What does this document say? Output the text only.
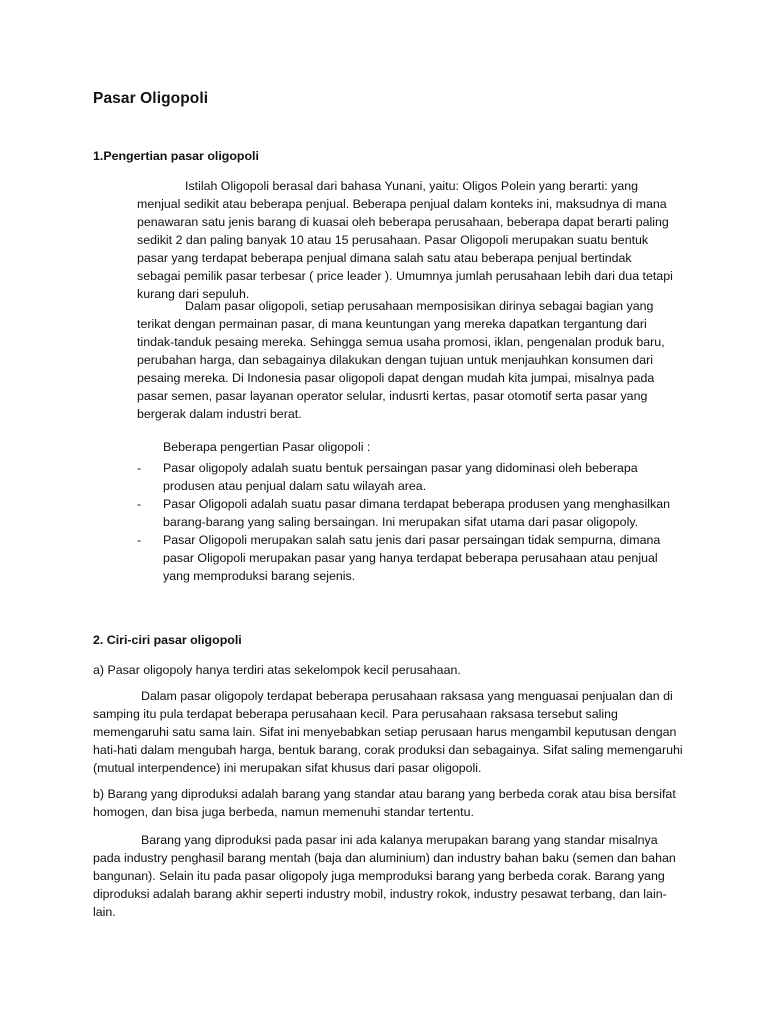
Pasar Oligopoli
1.Pengertian pasar oligopoli

Istilah Oligopoli berasal dari bahasa Yunani, yaitu: Oligos Polein yang berarti: yang menjual sedikit atau beberapa penjual. Beberapa penjual dalam konteks ini, maksudnya di mana penawaran satu jenis barang di kuasai oleh beberapa perusahaan, beberapa dapat berarti paling sedikit 2 dan paling banyak 10 atau 15 perusahaan. Pasar Oligopoli merupakan suatu bentuk pasar yang terdapat beberapa penjual dimana salah satu atau beberapa penjual bertindak sebagai pemilik pasar terbesar ( price leader ). Umumnya jumlah perusahaan lebih dari dua tetapi kurang dari sepuluh.

Dalam pasar oligopoli, setiap perusahaan memposisikan dirinya sebagai bagian yang terikat dengan permainan pasar, di mana keuntungan yang mereka dapatkan tergantung dari tindak-tanduk pesaing mereka. Sehingga semua usaha promosi, iklan, pengenalan produk baru, perubahan harga, dan sebagainya dilakukan dengan tujuan untuk menjauhkan konsumen dari pesaing mereka. Di Indonesia pasar oligopoli dapat dengan mudah kita jumpai, misalnya pada pasar semen, pasar layanan operator selular, indusrti kertas, pasar otomotif serta pasar yang bergerak dalam industri berat.

Beberapa pengertian Pasar oligopoli :
- Pasar oligopoly adalah suatu bentuk persaingan pasar yang didominasi oleh beberapa produsen atau penjual dalam satu wilayah area.
- Pasar Oligopoli adalah suatu pasar dimana terdapat beberapa produsen yang menghasilkan barang-barang yang saling bersaingan. Ini merupakan sifat utama dari pasar oligopoly.
- Pasar Oligopoli merupakan salah satu jenis dari pasar persaingan tidak sempurna, dimana pasar Oligopoli merupakan pasar yang hanya terdapat beberapa perusahaan atau penjual yang memproduksi barang sejenis.
2. Ciri-ciri pasar oligopoli

a) Pasar oligopoly hanya terdiri atas sekelompok kecil perusahaan.

Dalam pasar oligopoly terdapat beberapa perusahaan raksasa yang menguasai penjualan dan di samping itu pula terdapat beberapa perusahaan kecil. Para perusahaan raksasa tersebut saling memengaruhi satu sama lain. Sifat ini menyebabkan setiap perusaan harus mengambil keputusan dengan hati-hati dalam mengubah harga, bentuk barang, corak produksi dan sebagainya. Sifat saling memengaruhi (mutual interpendence) ini merupakan sifat khusus dari pasar oligopoli.

b) Barang yang diproduksi adalah barang yang standar atau barang yang berbeda corak atau bisa bersifat homogen, dan bisa juga berbeda, namun memenuhi standar tertentu.

Barang yang diproduksi pada pasar ini ada kalanya merupakan barang yang standar misalnya pada industry penghasil barang mentah (baja dan aluminium) dan industry bahan baku (semen dan bahan bangunan). Selain itu pada pasar oligopoly juga memproduksi barang yang berbeda corak. Barang yang diproduksi adalah barang akhir seperti industry mobil, industry rokok, industry pesawat terbang, dan lain-lain.
